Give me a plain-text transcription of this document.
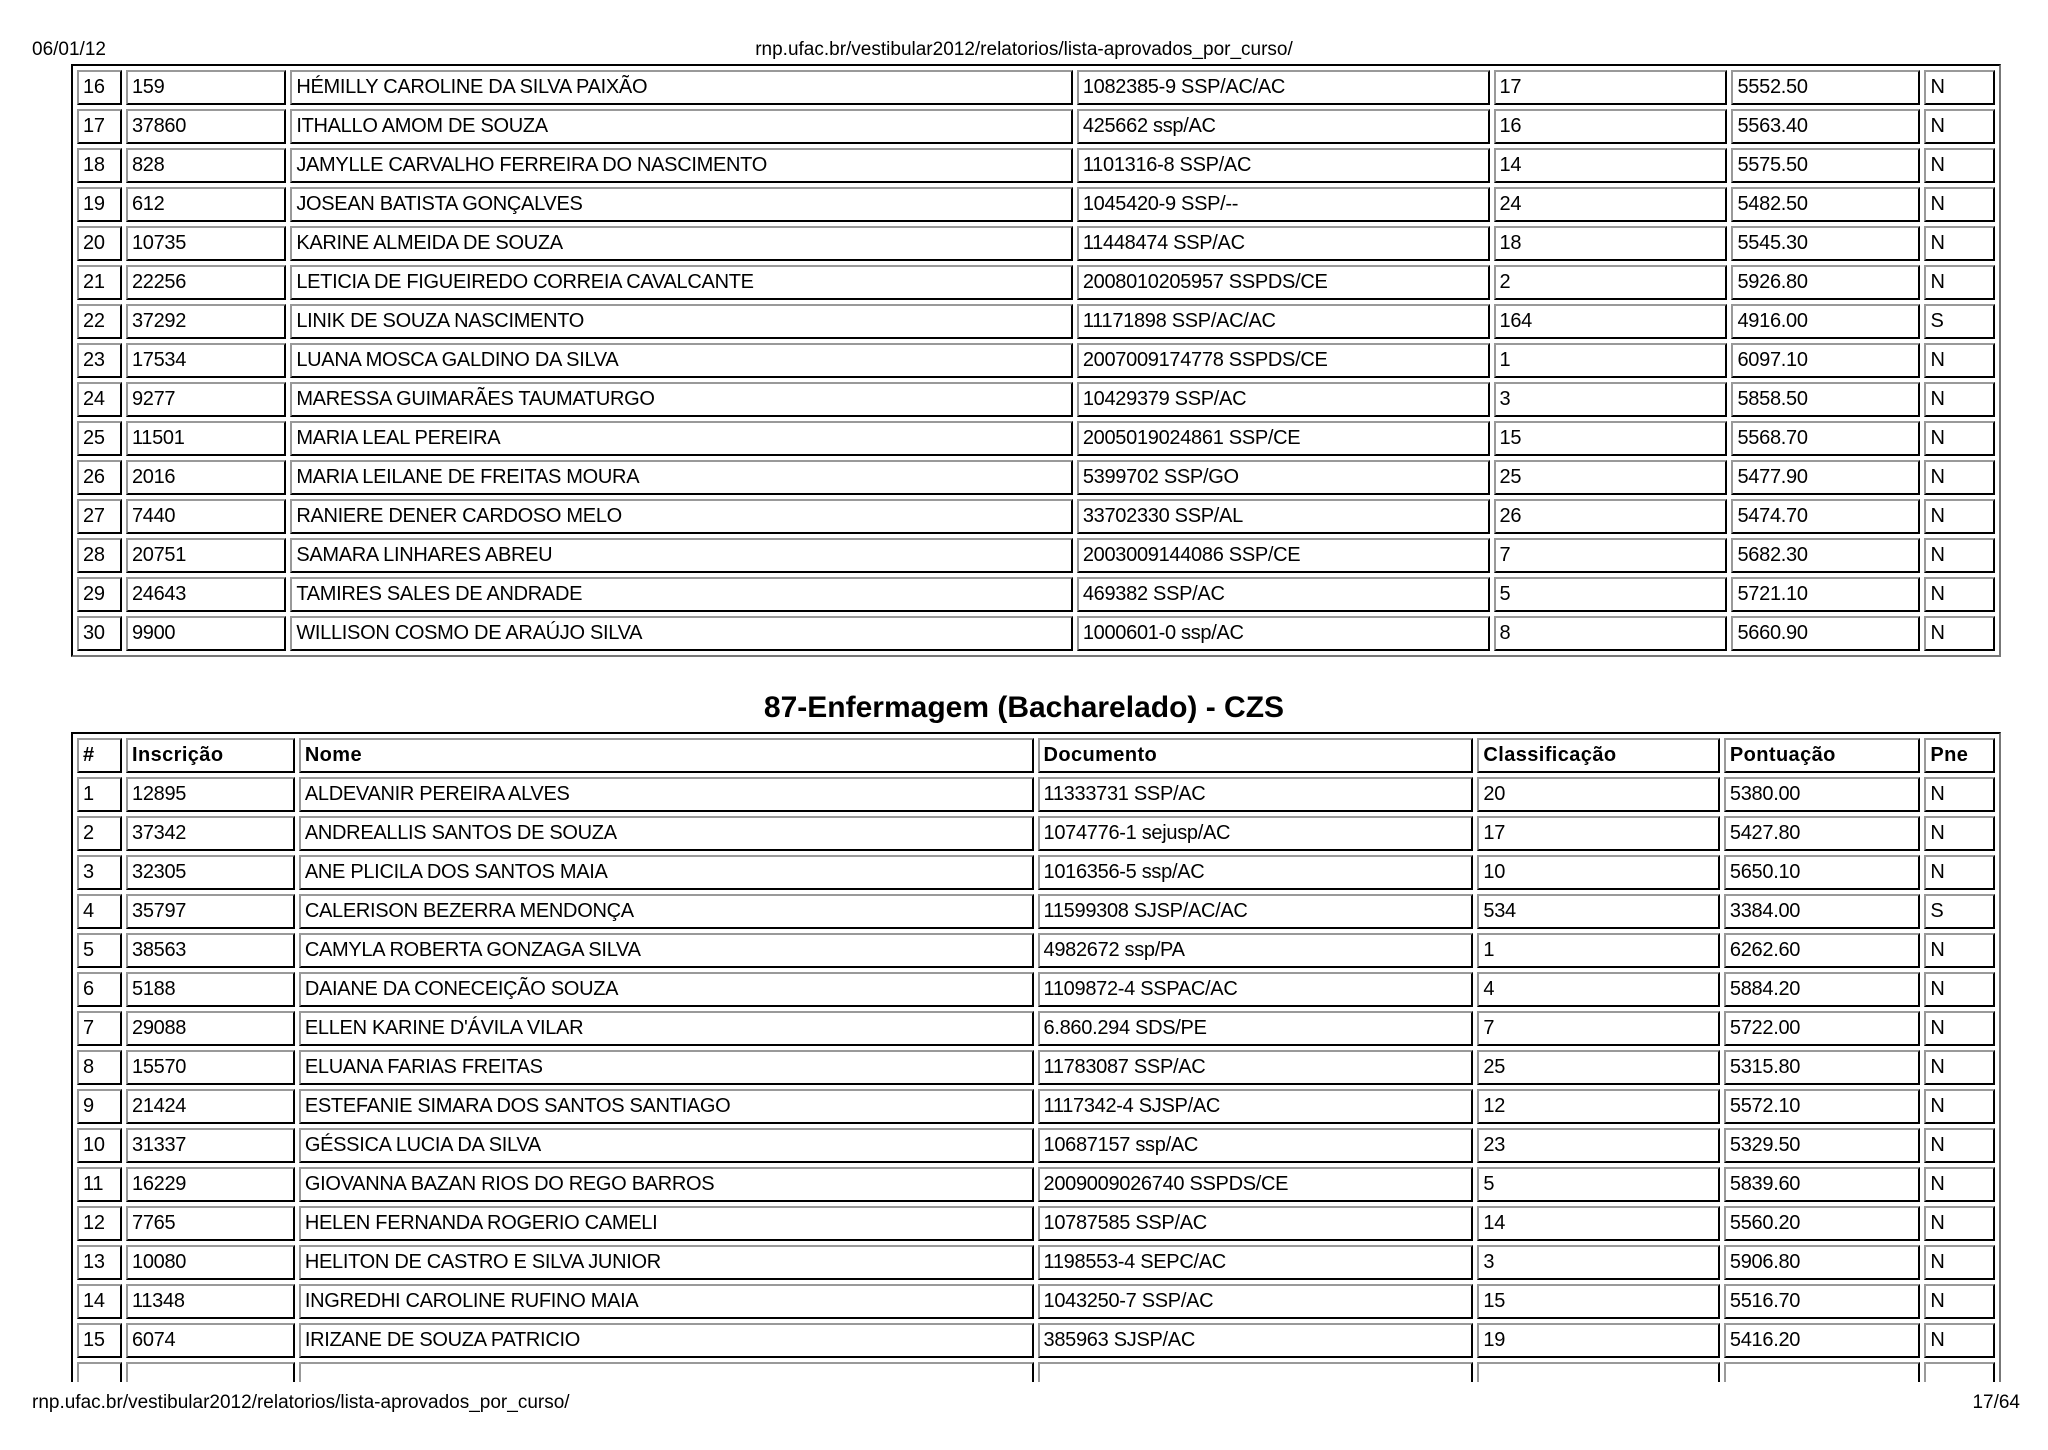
06/01/12	rnp.ufac.br/vestibular2012/relatorios/lista-aprovados_por_curso/
16	159	HÉMILLY CAROLINE DA SILVA PAIXÃO	1082385-9 SSP/AC/AC	17	5552.50	N
17	37860	ITHALLO AMOM DE SOUZA	425662 ssp/AC	16	5563.40	N
18	828	JAMYLLE CARVALHO FERREIRA DO NASCIMENTO	1101316-8 SSP/AC	14	5575.50	N
19	612	JOSEAN BATISTA GONÇALVES	1045420-9 SSP/--	24	5482.50	N
20	10735	KARINE ALMEIDA DE SOUZA	11448474 SSP/AC	18	5545.30	N
21	22256	LETICIA DE FIGUEIREDO CORREIA CAVALCANTE	2008010205957 SSPDS/CE	2	5926.80	N
22	37292	LINIK DE SOUZA NASCIMENTO	11171898 SSP/AC/AC	164	4916.00	S
23	17534	LUANA MOSCA GALDINO DA SILVA	2007009174778 SSPDS/CE	1	6097.10	N
24	9277	MARESSA GUIMARÃES TAUMATURGO	10429379 SSP/AC	3	5858.50	N
25	11501	MARIA LEAL PEREIRA	2005019024861 SSP/CE	15	5568.70	N
26	2016	MARIA LEILANE DE FREITAS MOURA	5399702 SSP/GO	25	5477.90	N
27	7440	RANIERE DENER CARDOSO MELO	33702330 SSP/AL	26	5474.70	N
28	20751	SAMARA LINHARES ABREU	2003009144086 SSP/CE	7	5682.30	N
29	24643	TAMIRES SALES DE ANDRADE	469382 SSP/AC	5	5721.10	N
30	9900	WILLISON COSMO DE ARAÚJO SILVA	1000601-0 ssp/AC	8	5660.90	N
87-Enfermagem (Bacharelado) - CZS
#	Inscrição	Nome	Documento	Classificação	Pontuação	Pne
1	12895	ALDEVANIR PEREIRA ALVES	11333731 SSP/AC	20	5380.00	N
2	37342	ANDREALLIS SANTOS DE SOUZA	1074776-1 sejusp/AC	17	5427.80	N
3	32305	ANE PLICILA DOS SANTOS MAIA	1016356-5 ssp/AC	10	5650.10	N
4	35797	CALERISON BEZERRA MENDONÇA	11599308 SJSP/AC/AC	534	3384.00	S
5	38563	CAMYLA ROBERTA GONZAGA SILVA	4982672 ssp/PA	1	6262.60	N
6	5188	DAIANE DA CONECEIÇÃO SOUZA	1109872-4 SSPAC/AC	4	5884.20	N
7	29088	ELLEN KARINE D'ÁVILA VILAR	6.860.294 SDS/PE	7	5722.00	N
8	15570	ELUANA FARIAS FREITAS	11783087 SSP/AC	25	5315.80	N
9	21424	ESTEFANIE SIMARA DOS SANTOS SANTIAGO	1117342-4 SJSP/AC	12	5572.10	N
10	31337	GÉSSICA LUCIA DA SILVA	10687157 ssp/AC	23	5329.50	N
11	16229	GIOVANNA BAZAN RIOS DO REGO BARROS	2009009026740 SSPDS/CE	5	5839.60	N
12	7765	HELEN FERNANDA ROGERIO CAMELI	10787585 SSP/AC	14	5560.20	N
13	10080	HELITON DE CASTRO E SILVA JUNIOR	1198553-4 SEPC/AC	3	5906.80	N
14	11348	INGREDHI CAROLINE RUFINO MAIA	1043250-7 SSP/AC	15	5516.70	N
15	6074	IRIZANE DE SOUZA PATRICIO	385963 SJSP/AC	19	5416.20	N

rnp.ufac.br/vestibular2012/relatorios/lista-aprovados_por_curso/	17/64
